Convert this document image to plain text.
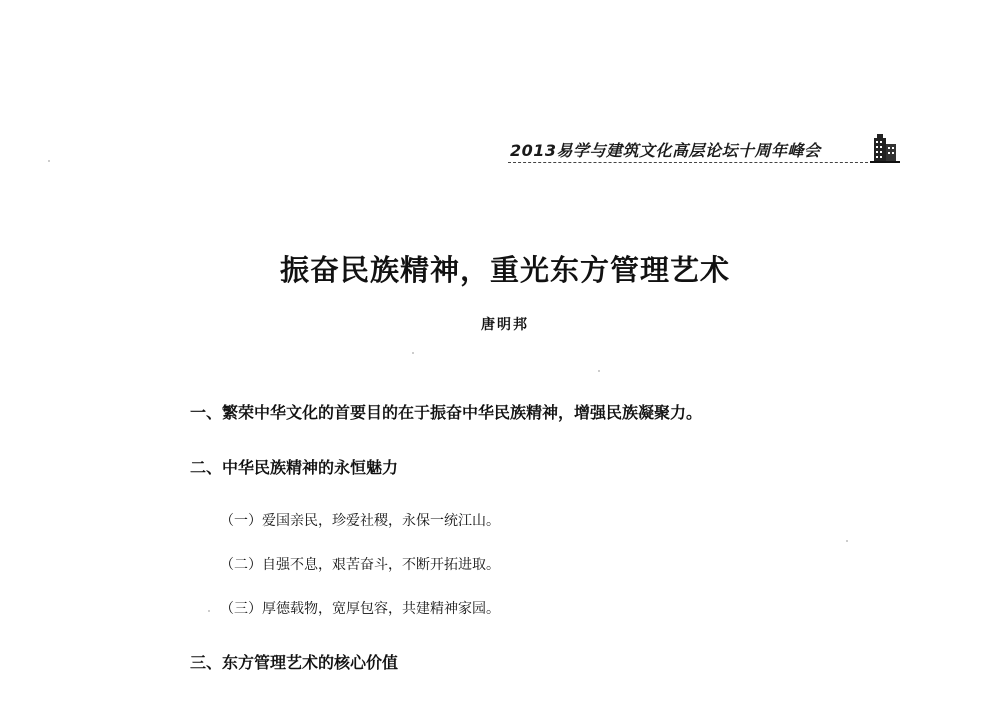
2013易学与建筑文化高层论坛十周年峰会
振奋民族精神，重光东方管理艺术
唐明邦
一、繁荣中华文化的首要目的在于振奋中华民族精神，增强民族凝聚力。
二、中华民族精神的永恒魅力
（一）爱国亲民，珍爱社稷，永保一统江山。
（二）自强不息，艰苦奋斗，不断开拓进取。
（三）厚德载物，宽厚包容，共建精神家园。
三、东方管理艺术的核心价值
